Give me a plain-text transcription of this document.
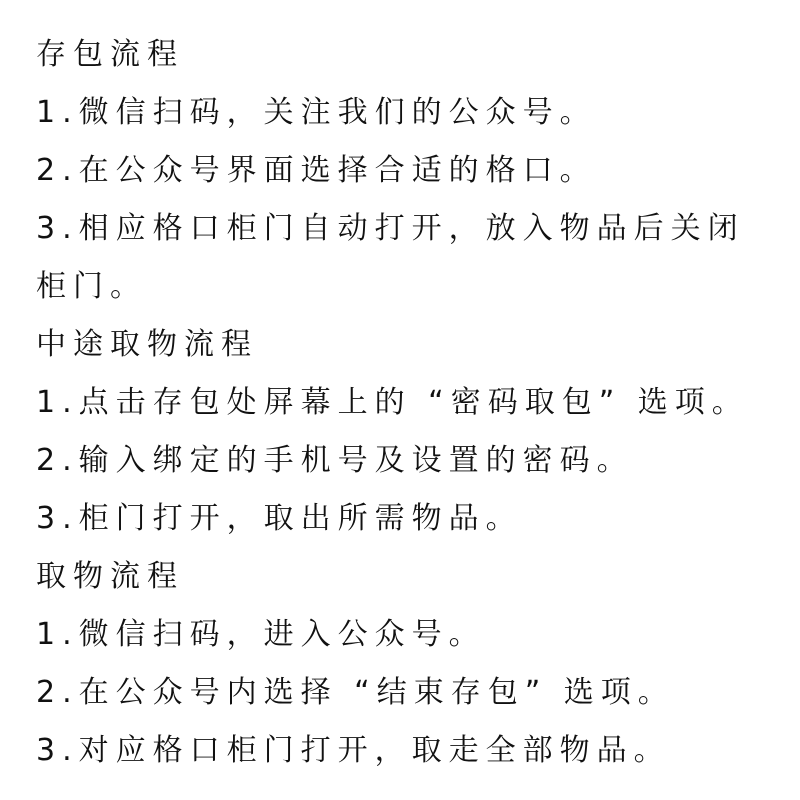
存包流程
1.微信扫码，关注我们的公众号。
2.在公众号界面选择合适的格口。
3.相应格口柜门自动打开，放入物品后关闭
柜门。
中途取物流程
1.点击存包处屏幕上的 “密码取包” 选项。
2.输入绑定的手机号及设置的密码。
3.柜门打开，取出所需物品。
取物流程
1.微信扫码，进入公众号。
2.在公众号内选择 “结束存包” 选项。
3.对应格口柜门打开，取走全部物品。
